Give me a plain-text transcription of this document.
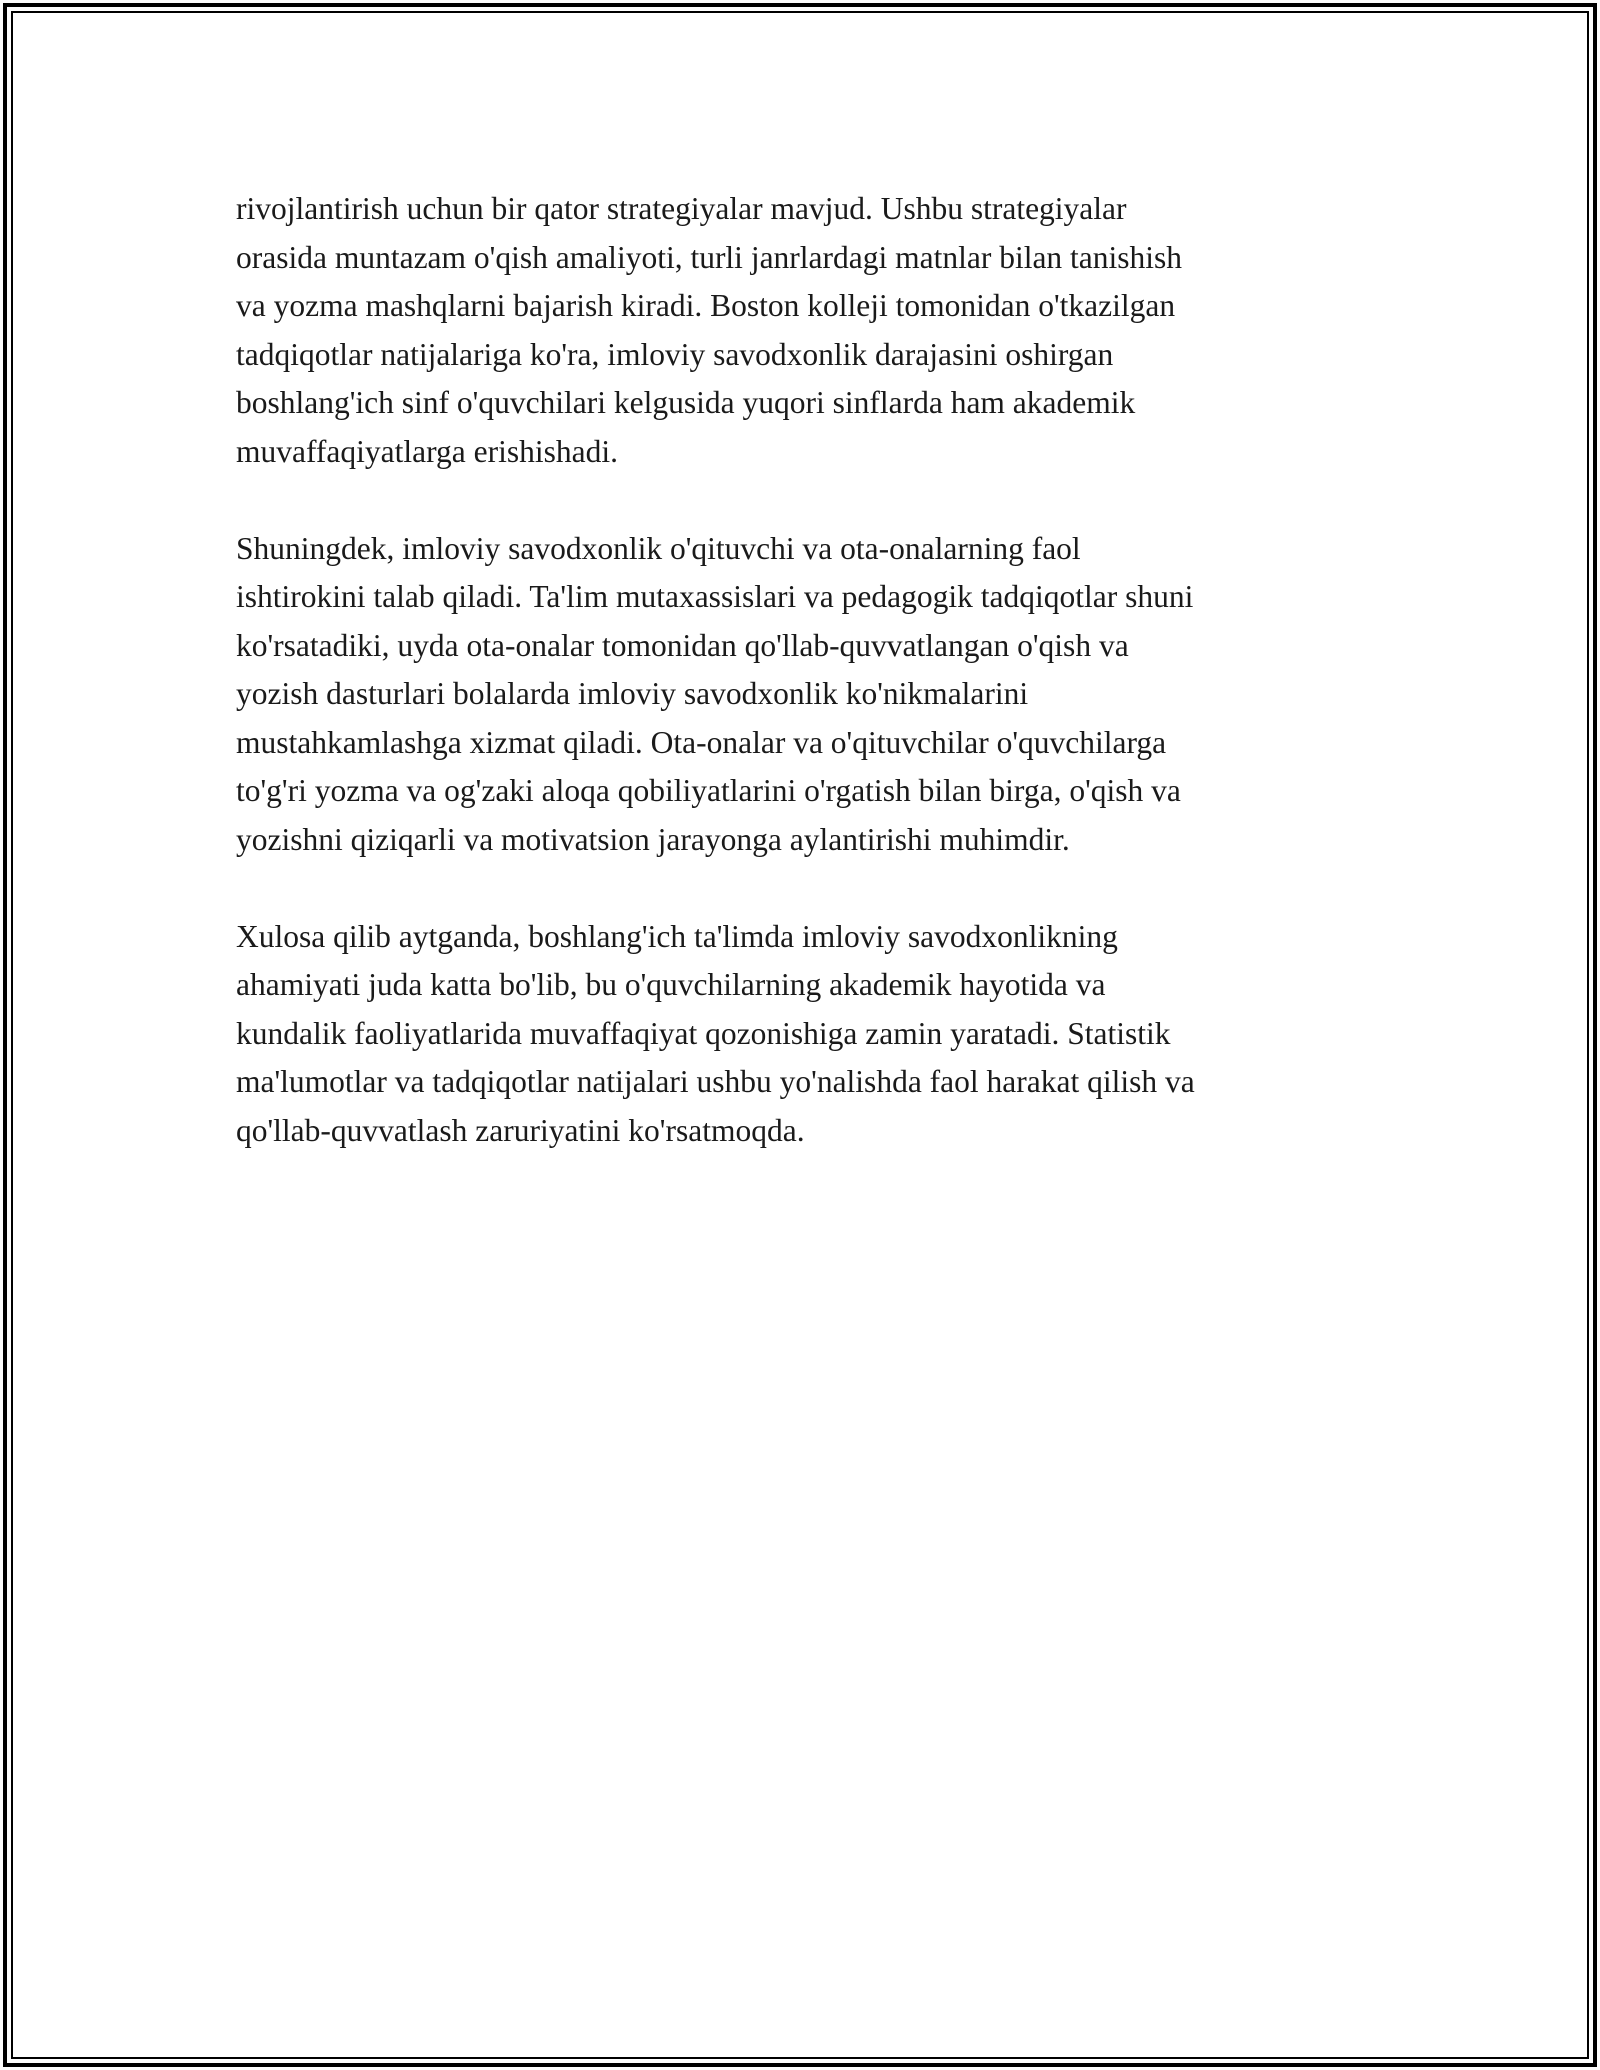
rivojlantirish uchun bir qator strategiyalar mavjud. Ushbu strategiyalar
orasida muntazam o'qish amaliyoti, turli janrlardagi matnlar bilan tanishish
va yozma mashqlarni bajarish kiradi. Boston kolleji tomonidan o'tkazilgan
tadqiqotlar natijalariga ko'ra, imloviy savodxonlik darajasini oshirgan
boshlang'ich sinf o'quvchilari kelgusida yuqori sinflarda ham akademik
muvaffaqiyatlarga erishishadi.

Shuningdek, imloviy savodxonlik o'qituvchi va ota-onalarning faol
ishtirokini talab qiladi. Ta'lim mutaxassislari va pedagogik tadqiqotlar shuni
ko'rsatadiki, uyda ota-onalar tomonidan qo'llab-quvvatlangan o'qish va
yozish dasturlari bolalarda imloviy savodxonlik ko'nikmalarini
mustahkamlashga xizmat qiladi. Ota-onalar va o'qituvchilar o'quvchilarga
to'g'ri yozma va og'zaki aloqa qobiliyatlarini o'rgatish bilan birga, o'qish va
yozishni qiziqarli va motivatsion jarayonga aylantirishi muhimdir.

Xulosa qilib aytganda, boshlang'ich ta'limda imloviy savodxonlikning
ahamiyati juda katta bo'lib, bu o'quvchilarning akademik hayotida va
kundalik faoliyatlarida muvaffaqiyat qozonishiga zamin yaratadi. Statistik
ma'lumotlar va tadqiqotlar natijalari ushbu yo'nalishda faol harakat qilish va
qo'llab-quvvatlash zaruriyatini ko'rsatmoqda.
